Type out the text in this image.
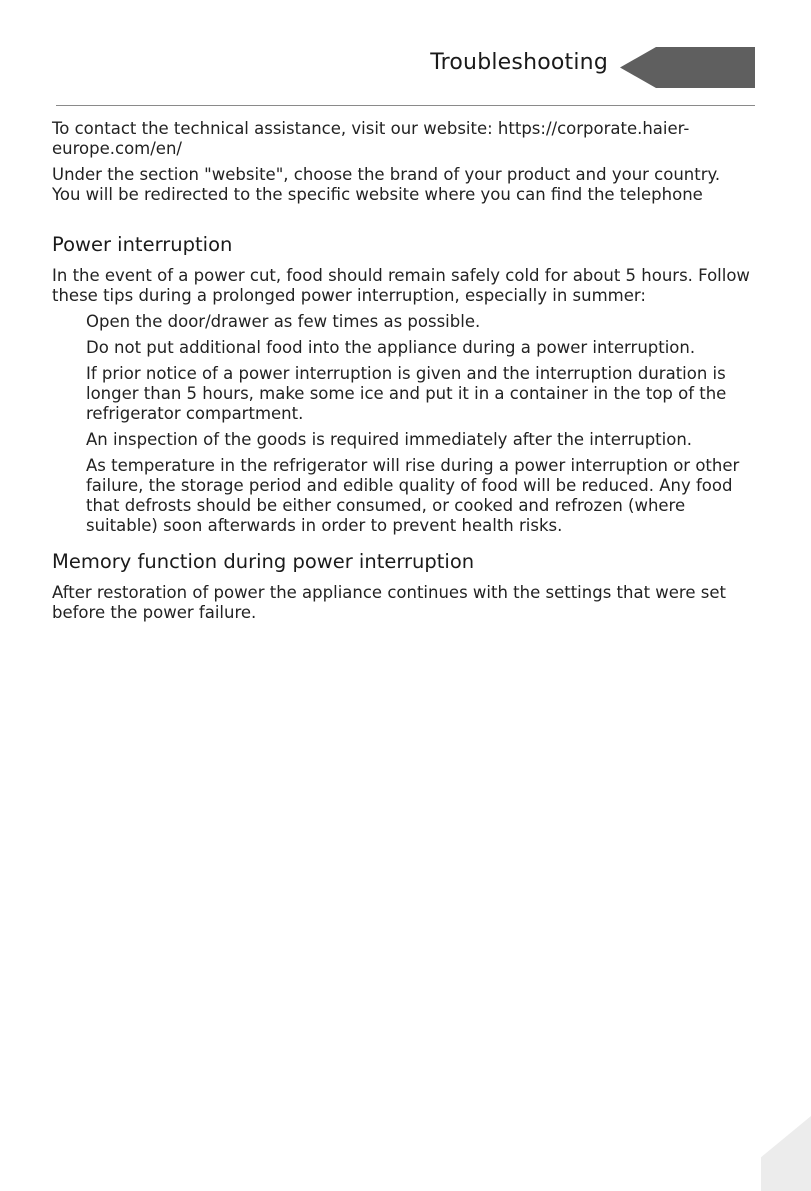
Troubleshooting

To contact the technical assistance, visit our website: https://corporate.haier-europe.com/en/

Under the section "website", choose the brand of your product and your country. You will be redirected to the specific website where you can find the telephone

Power interruption

In the event of a power cut, food should remain safely cold for about 5 hours. Follow these tips during a prolonged power interruption, especially in summer:

Open the door/drawer as few times as possible.
Do not put additional food into the appliance during a power interruption.
If prior notice of a power interruption is given and the interruption duration is longer than 5 hours, make some ice and put it in a container in the top of the refrigerator compartment.
An inspection of the goods is required immediately after the interruption.
As temperature in the refrigerator will rise during a power interruption or other failure, the storage period and edible quality of food will be reduced. Any food that defrosts should be either consumed, or cooked and refrozen (where suitable) soon afterwards in order to prevent health risks.
Memory function during power interruption

After restoration of power the appliance continues with the settings that were set before the power failure.
